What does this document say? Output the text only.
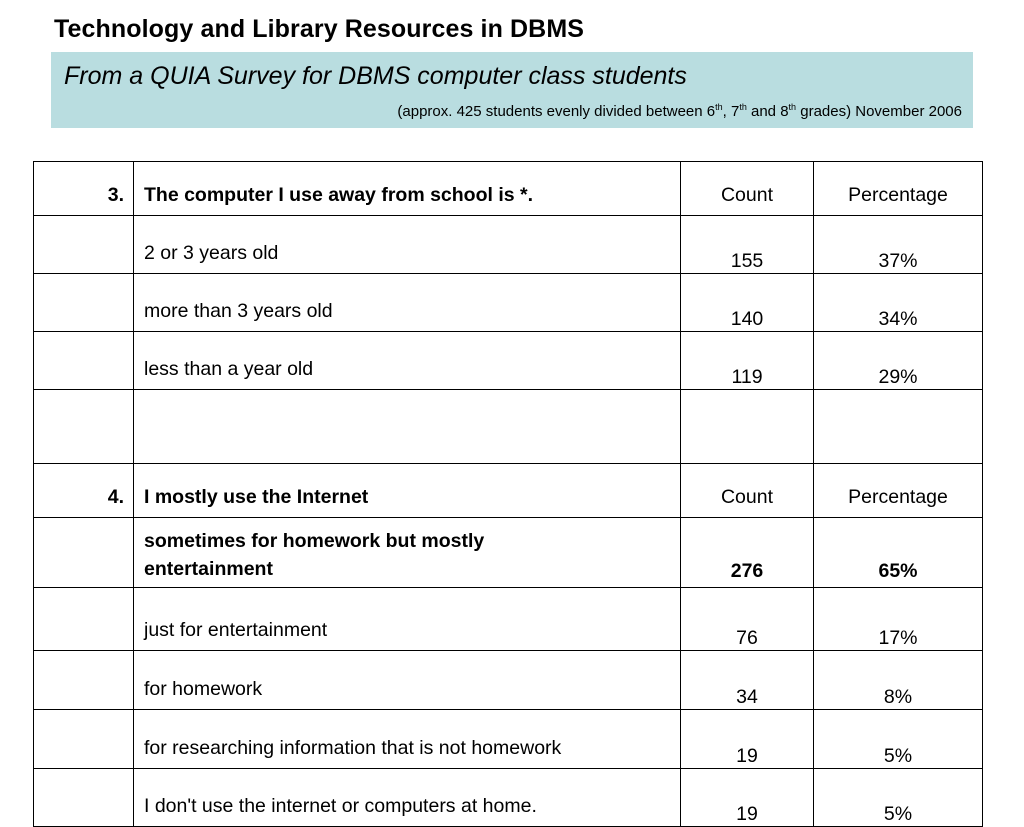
Technology and Library Resources in DBMS
From a QUIA Survey for DBMS computer class students
(approx. 425 students evenly divided between 6th, 7th and 8th grades) November 2006
3.	The computer I use away from school is *.	Count	Percentage
	2 or 3 years old	155	37%
	more than 3 years old	140	34%
	less than a year old	119	29%

4.	I mostly use the Internet	Count	Percentage
	sometimes for homework but mostly
entertainment	276	65%
	just for entertainment	76	17%
	for homework	34	8%
	for researching information that is not homework	19	5%
	I don't use the internet or computers at home.	19	5%
